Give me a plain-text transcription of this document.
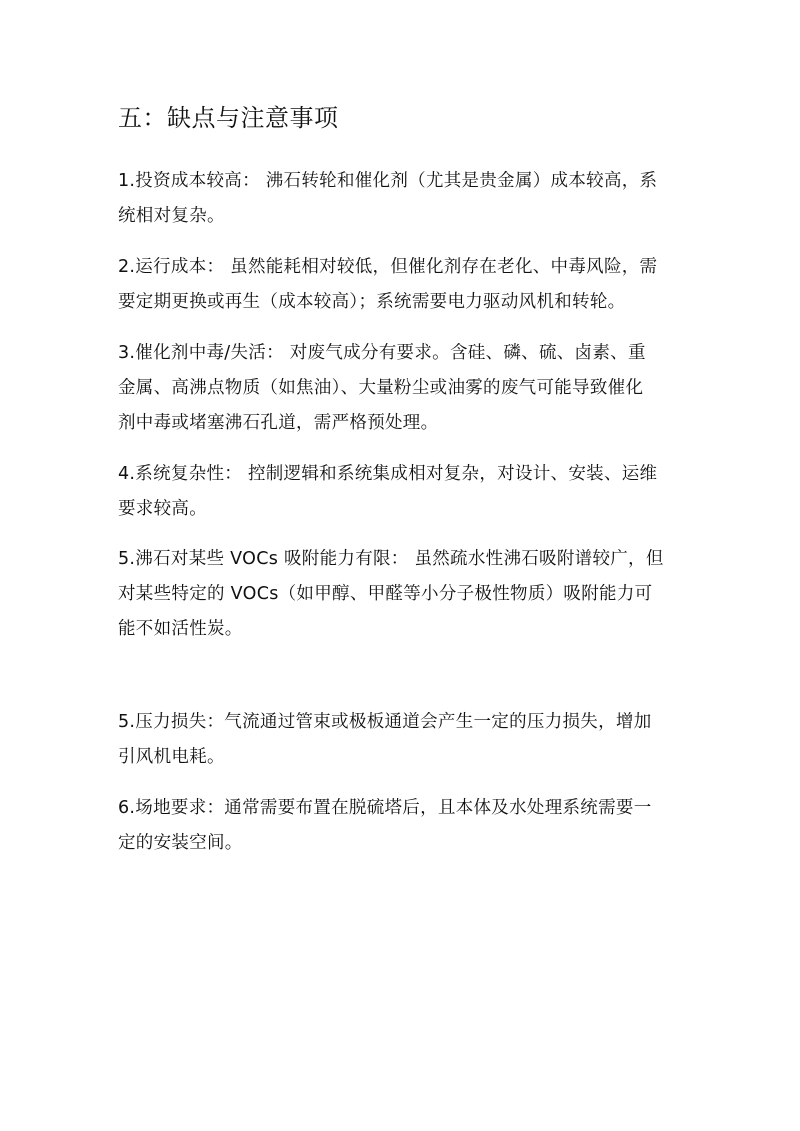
五：缺点与注意事项

1.投资成本较高： 沸石转轮和催化剂（尤其是贵金属）成本较高，系
统相对复杂。

2.运行成本： 虽然能耗相对较低，但催化剂存在老化、中毒风险，需
要定期更换或再生（成本较高）；系统需要电力驱动风机和转轮。

3.催化剂中毒/失活： 对废气成分有要求。含硅、磷、硫、卤素、重
金属、高沸点物质（如焦油）、大量粉尘或油雾的废气可能导致催化
剂中毒或堵塞沸石孔道，需严格预处理。

4.系统复杂性： 控制逻辑和系统集成相对复杂，对设计、安装、运维
要求较高。

5.沸石对某些 VOCs 吸附能力有限： 虽然疏水性沸石吸附谱较广，但
对某些特定的 VOCs（如甲醇、甲醛等小分子极性物质）吸附能力可
能不如活性炭。

5.压力损失：气流通过管束或极板通道会产生一定的压力损失，增加
引风机电耗。

6.场地要求：通常需要布置在脱硫塔后，且本体及水处理系统需要一
定的安装空间。
